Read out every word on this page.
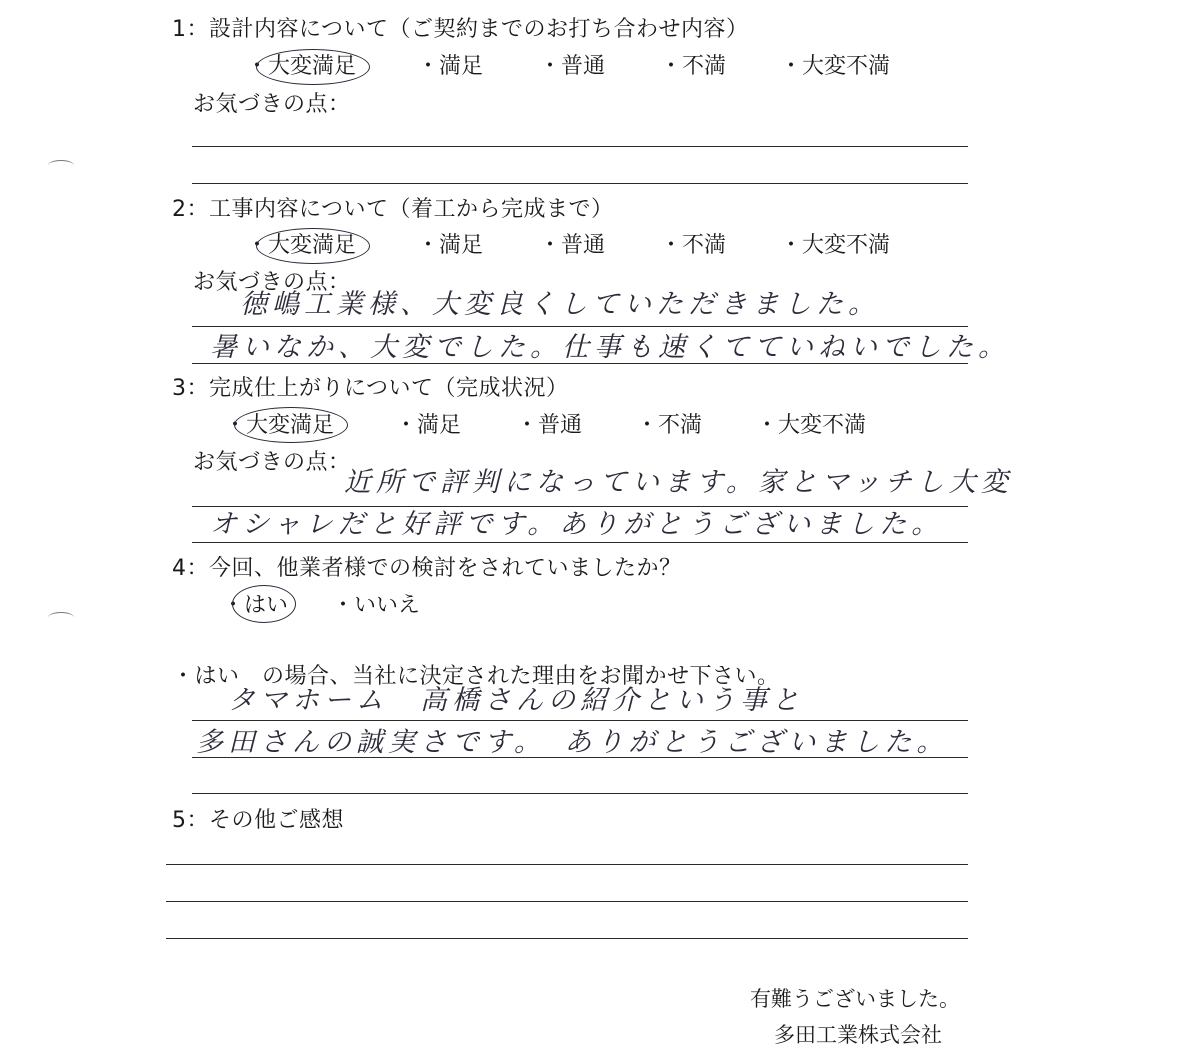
1：設計内容について（ご契約までのお打ち合わせ内容）
・大変満足	・満足	・普通 ・不満 ・大変不満
お気づきの点：
2：工事内容について（着工から完成まで）
・大変満足	・満足	・普通 ・不満 ・大変不満
お気づきの点：
徳嶋工業様、大変良くしていただきました。
暑いなか、大変でした。仕事も速くてていねいでした。
3：完成仕上がりについて（完成状況）
・大変満足	・満足 ・普通 ・不満 ・大変不満
お気づきの点：
近所で評判になっています。家とマッチし大変
オシャレだと好評です。ありがとうございました。
4：今回、他業者様での検討をされていましたか？
・はい ・いいえ
・はい　の場合、当社に決定された理由をお聞かせ下さい。
タマホーム　高橋さんの紹介という事と
多田さんの誠実さです。　ありがとうございました。
5：その他ご感想
有難うございました。
多田工業株式会社
